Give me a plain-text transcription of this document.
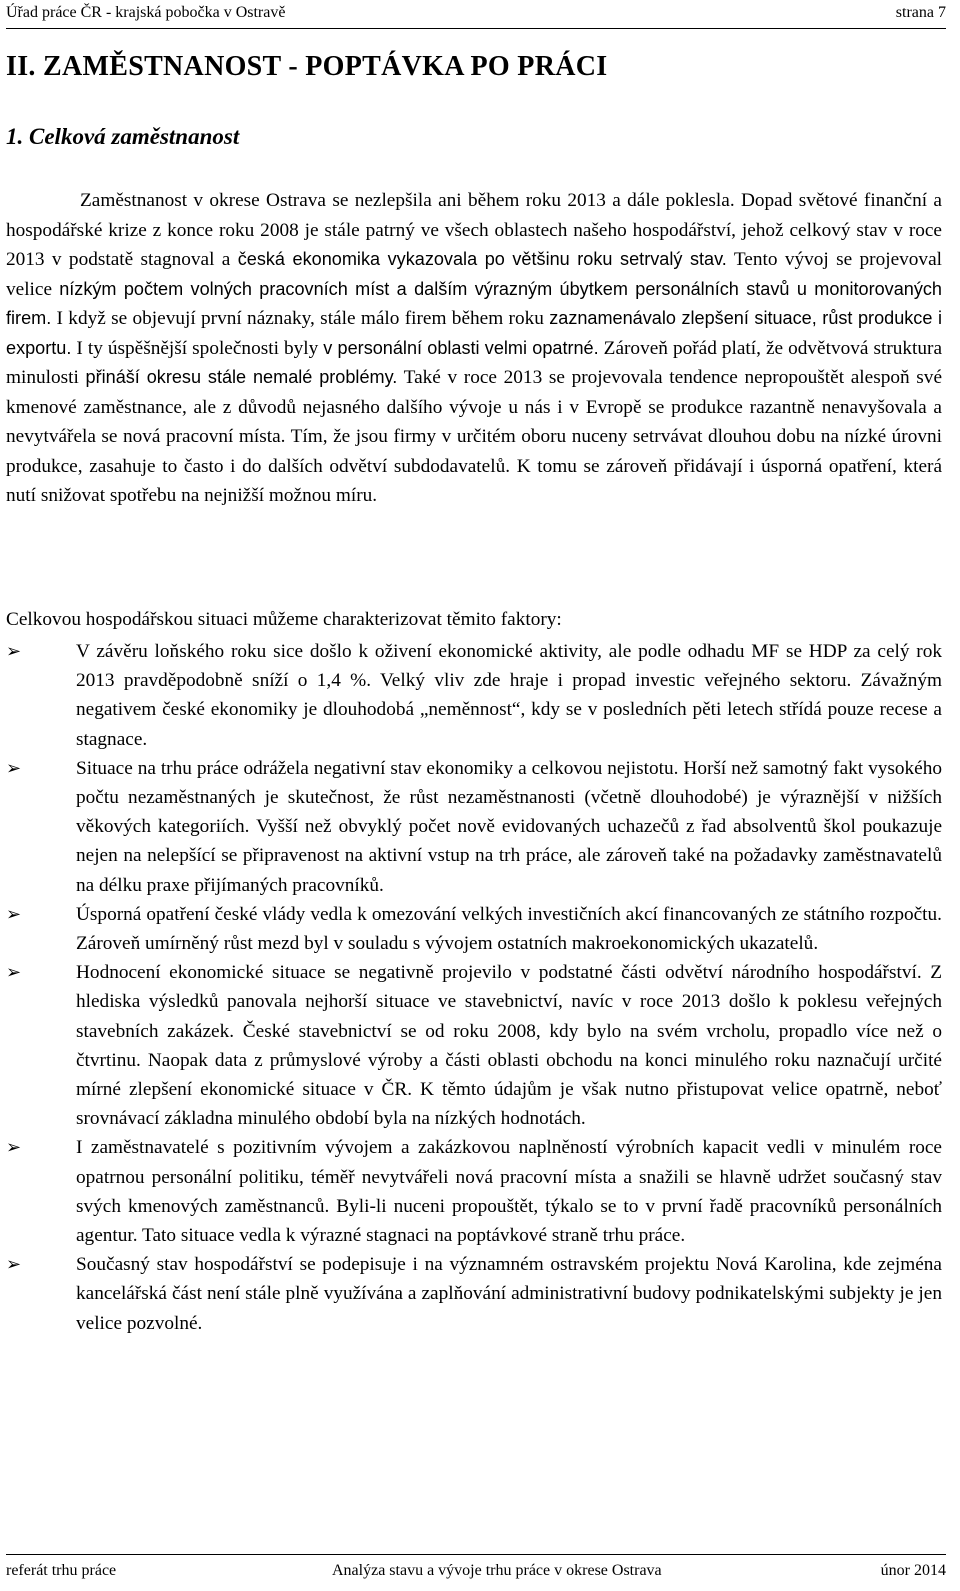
Úřad práce ČR - krajská pobočka v Ostravě	strana 7
II. ZAMĚSTNANOST - POPTÁVKA PO PRÁCI
1. Celková zaměstnanost
Zaměstnanost v okrese Ostrava se nezlepšila ani během roku 2013 a dále poklesla. Dopad světové finanční a hospodářské krize z konce roku 2008 je stále patrný ve všech oblastech našeho hospodářství, jehož celkový stav v roce 2013 v podstatě stagnoval a česká ekonomika vykazovala po většinu roku setrvalý stav. Tento vývoj se projevoval velice nízkým počtem volných pracovních míst a dalším výrazným úbytkem personálních stavů u monitorovaných firem. I když se objevují první náznaky, stále málo firem během roku zaznamenávalo zlepšení situace, růst produkce i exportu. I ty úspěšnější společnosti byly v personální oblasti velmi opatrné. Zároveň pořád platí, že odvětvová struktura minulosti přináší okresu stále nemalé problémy. Také v roce 2013 se projevovala tendence nepropouštět alespoň své kmenové zaměstnance, ale z důvodů nejasného dalšího vývoje u nás i v Evropě se produkce razantně nenavyšovala a nevytvářela se nová pracovní místa. Tím, že jsou firmy v určitém oboru nuceny setrvávat dlouhou dobu na nízké úrovni produkce, zasahuje to často i do dalších odvětví subdodavatelů. K tomu se zároveň přidávají i úsporná opatření, která nutí snižovat spotřebu na nejnižší možnou míru.
Celkovou hospodářskou situaci můžeme charakterizovat těmito faktory:
➢	V závěru loňského roku sice došlo k oživení ekonomické aktivity, ale podle odhadu MF se HDP za celý rok 2013 pravděpodobně sníží o 1,4 %. Velký vliv zde hraje i propad investic veřejného sektoru. Závažným negativem české ekonomiky je dlouhodobá „neměnnost“, kdy se v posledních pěti letech střídá pouze recese a stagnace.
➢	Situace na trhu práce odrážela negativní stav ekonomiky a celkovou nejistotu. Horší než samotný fakt vysokého počtu nezaměstnaných je skutečnost, že růst nezaměstnanosti (včetně dlouhodobé) je výraznější v nižších věkových kategoriích. Vyšší než obvyklý počet nově evidovaných uchazečů z řad absolventů škol poukazuje nejen na nelepšící se připravenost na aktivní vstup na trh práce, ale zároveň také na požadavky zaměstnavatelů na délku praxe přijímaných pracovníků.
➢	Úsporná opatření české vlády vedla k omezování velkých investičních akcí financovaných ze státního rozpočtu. Zároveň umírněný růst mezd byl v souladu s vývojem ostatních makroekonomických ukazatelů.
➢	Hodnocení ekonomické situace se negativně projevilo v podstatné části odvětví národního hospodářství. Z hlediska výsledků panovala nejhorší situace ve stavebnictví, navíc v roce 2013 došlo k poklesu veřejných stavebních zakázek. České stavebnictví se od roku 2008, kdy bylo na svém vrcholu, propadlo více než o čtvrtinu. Naopak data z průmyslové výroby a části oblasti obchodu na konci minulého roku naznačují určité mírné zlepšení ekonomické situace v ČR. K těmto údajům je však nutno přistupovat velice opatrně, neboť srovnávací základna minulého období byla na nízkých hodnotách.
➢	I zaměstnavatelé s pozitivním vývojem a zakázkovou naplněností výrobních kapacit vedli v minulém roce opatrnou personální politiku, téměř nevytvářeli nová pracovní místa a snažili se hlavně udržet současný stav svých kmenových zaměstnanců. Byli-li nuceni propouštět, týkalo se to v první řadě pracovníků personálních agentur. Tato situace vedla k výrazné stagnaci na poptávkové straně trhu práce.
➢	Současný stav hospodářství se podepisuje i na významném ostravském projektu Nová Karolina, kde zejména kancelářská část není stále plně využívána a zaplňování administrativní budovy podnikatelskými subjekty je jen velice pozvolné.
referát trhu práce	Analýza stavu a vývoje trhu práce v okrese Ostrava	únor 2014
